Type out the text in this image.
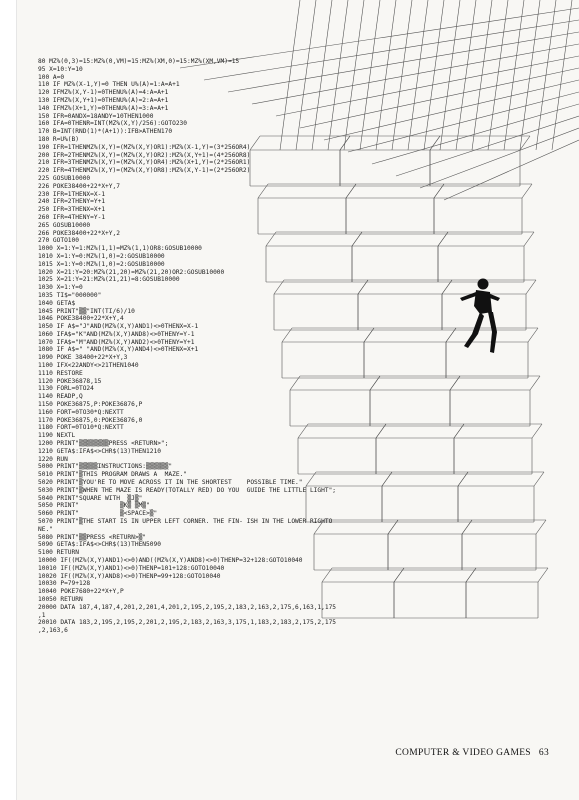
80 MZ%(0,3)=15:MZ%(0,VM)=15:MZ%(XM,0)=15:MZ%(XM,VM)=15
95 X=10:Y=10
100 A=0
110 IF MZ%(X-1,Y)=0 THEN U%(A)=1:A=A+1
120 IFMZ%(X,Y-1)=0THENU%(A)=4:A=A+1
130 IFMZ%(X,Y+1)=0THENU%(A)=2:A=A+1
140 IFMZ%(X+1,Y)=0THENU%(A)=3:A=A+1
150 IFR=0ANDX=18ANDY=10THEN1000
160 IFA=0THENR=INT(MZ%(X,Y)/256):GOTO230
170 B=INT(RND(1)*(A+1)):IFB>ATHEN170
180 R=U%(B)
190 IFR=1THENMZ%(X,Y)=(MZ%(X,Y)OR1):MZ%(X-1,Y)=(3*256OR4)
200 IFR=2THENMZ%(X,Y)=(MZ%(X,Y)OR2):MZ%(X,Y+1)=(4*256OR8)
210 IFR=3THENMZ%(X,Y)=(MZ%(X,Y)OR4):MZ%(X+1,Y)=(2*256OR1)
220 IFR=4THENMZ%(X,Y)=(MZ%(X,Y)OR8):MZ%(X,Y-1)=(2*256OR2)
225 GOSUB10000
226 POKE38400+22*X+Y,7
230 IFR=1THENX=X-1
240 IFR=2THENY=Y+1
250 IFR=3THENX=X+1
260 IFR=4THENY=Y-1
265 GOSUB10000
266 POKE38400+22*X+Y,2
270 GOTO100
1000 X=1:Y=1:MZ%(1,1)=MZ%(1,1)OR8:GOSUB10000
1010 X=1:Y=0:MZ%(1,0)=2:GOSUB10000
1015 X=1:Y=0:MZ%(1,0)=2:GOSUB10000
1020 X=21:Y=20:MZ%(21,20)=MZ%(21,20)OR2:GOSUB10000
1025 X=21:Y=21:MZ%(21,21)=8:GOSUB10000
1030 X=1:Y=0
1035 TI$="000000"
1040 GETA$
1045 PRINT"▒▒"INT(TI/6)/10
1046 POKE38400+22*X+Y,4
1050 IF A$="J"AND(MZ%(X,Y)AND1)<>0THENX=X-1
1060 IFA$="K"AND(MZ%(X,Y)AND8)<>0THENY=Y-1
1070 IFA$="M"AND(MZ%(X,Y)AND2)<>0THENY=Y+1
1080 IF A$=" "AND(MZ%(X,Y)AND4)<>0THENX=X+1
1090 POKE 38400+22*X+Y,3
1100 IFX<22ANDY<>21THEN1040
1110 RESTORE
1120 POKE36878,15
1130 FORL=0TO24
1140 READP,Q
1150 POKE36875,P:POKE36876,P
1160 FORT=0TO30*Q:NEXTT
1170 POKE36875,0:POKE36876,0
1180 FORT=0TO10*Q:NEXTT
1190 NEXTL
1200 PRINT"▒▒▒▒▒▒▒▒PRESS <RETURN>";
1210 GETA$:IFA$<>CHR$(13)THEN1210
1220 RUN
5000 PRINT"▒▒▒▒▒INSTRUCTIONS:▒▒▒▒▒▒"
5010 PRINT"▒THIS PROGRAM DRAWS A  MAZE."
5020 PRINT"▒YOU'RE TO MOVE ACROSS IT IN THE SHORTEST    POSSIBLE TIME."
5030 PRINT"▒WHEN THE MAZE IS READY(TOTALLY RED) DO YOU  GUIDE THE LITTLE LIGHT";
5040 PRINT"SQUARE WITH  ▒J▒"
5050 PRINT"           ▒K▒ ▒M▒"
5060 PRINT"           ▒<SPACE>▒"
5070 PRINT"▒THE START IS IN UPPER LEFT CORNER. THE FIN- ISH IN THE LOWER RIGHTO
NE."
5080 PRINT"▒▒PRESS <RETURN>▒"
5090 GETA$:IFA$<>CHR$(13)THEN5090
5100 RETURN
10000 IF((MZ%(X,Y)AND1)<>0)AND((MZ%(X,Y)AND8)<>0)THENP=32+128:GOTO10040
10010 IF((MZ%(X,Y)AND1)<>0)THENP=101+128:GOTO10040
10020 IF((MZ%(X,Y)AND8)<>0)THENP=99+128:GOTO10040
10030 P=79+128
10040 POKE7680+22*X+Y,P
10050 RETURN
20000 DATA 187,4,187,4,201,2,201,4,201,2,195,2,195,2,183,2,163,2,175,6,163,1,175
,1
20010 DATA 183,2,195,2,195,2,201,2,195,2,183,2,163,3,175,1,183,2,183,2,175,2,175
,2,163,6
COMPUTER & VIDEO GAMES 63
